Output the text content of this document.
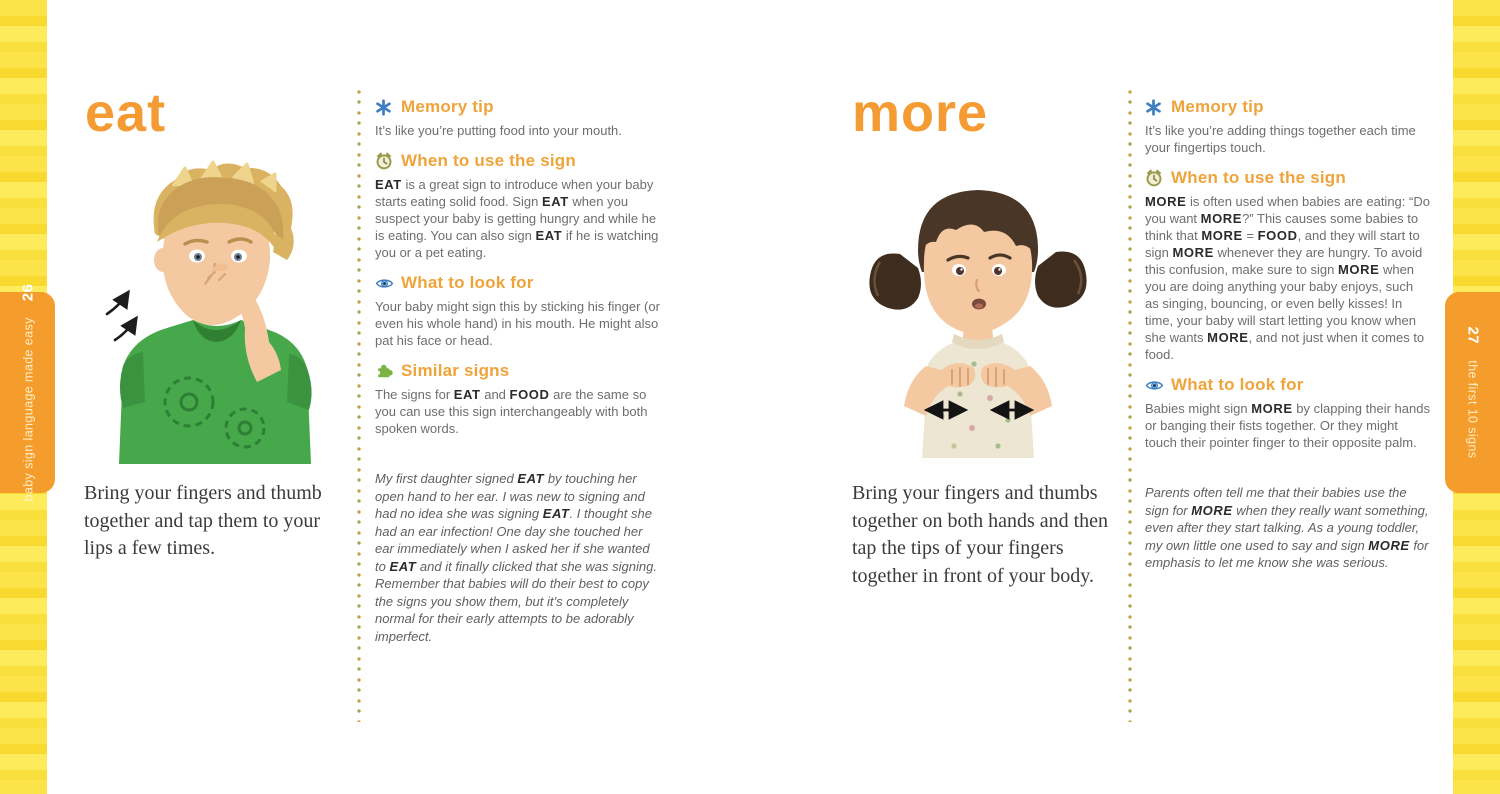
baby sign language made easy
26
27
the first 10 signs
eat	more
Bring your fingers and thumb together and tap them to your lips a few times.
Bring your fingers and thumbs together on both hands and then tap the tips of your fingers together in front of your body.
Memory tip
It’s like you’re putting food into your mouth.
When to use the sign
EAT is a great sign to introduce when your baby starts eating solid food. Sign EAT when you suspect your baby is getting hungry and while he is eating. You can also sign EAT if he is watching you or a pet eating.
What to look for
Your baby might sign this by sticking his finger (or even his whole hand) in his mouth. He might also pat his face or head.
Similar signs
The signs for EAT and FOOD are the same so you can use this sign interchangeably with both spoken words.
My first daughter signed EAT by touching her open hand to her ear. I was new to signing and had no idea she was signing EAT. I thought she had an ear infection! One day she touched her ear immediately when I asked her if she wanted to EAT and it finally clicked that she was signing. Remember that babies will do their best to copy the signs you show them, but it’s completely normal for their early attempts to be adorably imperfect.
Memory tip
It’s like you’re adding things together each time your fingertips touch.
When to use the sign
MORE is often used when babies are eating: “Do you want MORE?” This causes some babies to think that MORE = FOOD, and they will start to sign MORE whenever they are hungry. To avoid this confusion, make sure to sign MORE when you are doing anything your baby enjoys, such as singing, bouncing, or even belly kisses! In time, your baby will start letting you know when she wants MORE, and not just when it comes to food.
What to look for
Babies might sign MORE by clapping their hands or banging their fists together. Or they might touch their pointer finger to their opposite palm.
Parents often tell me that their babies use the sign for MORE when they really want something, even after they start talking. As a young toddler, my own little one used to say and sign MORE for emphasis to let me know she was serious.
